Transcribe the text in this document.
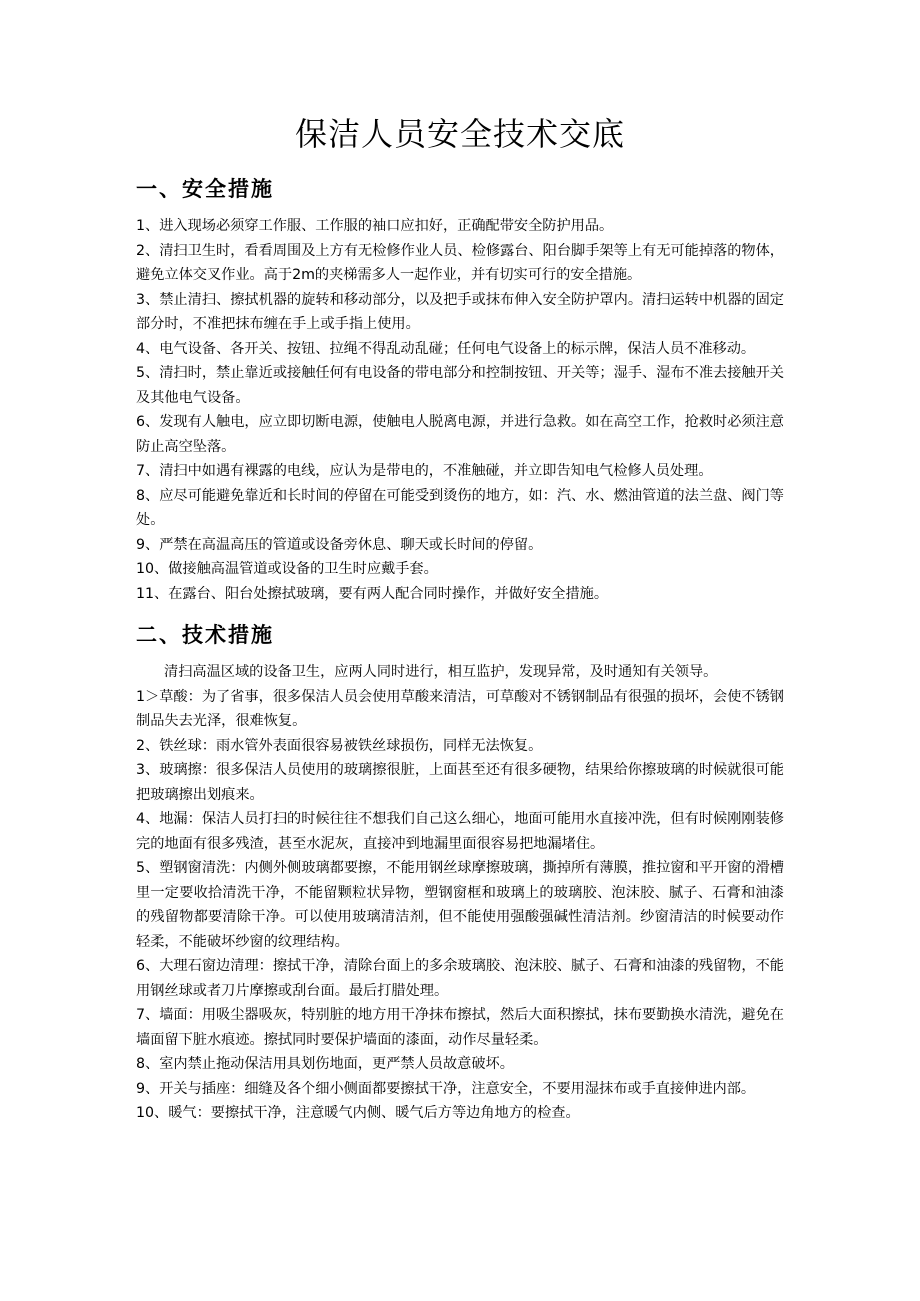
保洁人员安全技术交底
一、安全措施

1、进入现场必须穿工作服、工作服的袖口应扣好，正确配带安全防护用品。

2、清扫卫生时，看看周围及上方有无检修作业人员、检修露台、阳台脚手架等上有无可能掉落的物体，避免立体交叉作业。高于2m的夹梯需多人一起作业，并有切实可行的安全措施。

3、禁止清扫、擦拭机器的旋转和移动部分，以及把手或抹布伸入安全防护罩内。清扫运转中机器的固定部分时，不准把抹布缠在手上或手指上使用。

4、电气设备、各开关、按钮、拉绳不得乱动乱碰；任何电气设备上的标示牌，保洁人员不准移动。

5、清扫时，禁止靠近或接触任何有电设备的带电部分和控制按钮、开关等；湿手、湿布不准去接触开关及其他电气设备。

6、发现有人触电，应立即切断电源，使触电人脱离电源，并进行急救。如在高空工作，抢救时必须注意防止高空坠落。

7、清扫中如遇有裸露的电线，应认为是带电的，不准触碰，并立即告知电气检修人员处理。

8、应尽可能避免靠近和长时间的停留在可能受到烫伤的地方，如：汽、水、燃油管道的法兰盘、阀门等处。

9、严禁在高温高压的管道或设备旁休息、聊天或长时间的停留。

10、做接触高温管道或设备的卫生时应戴手套。

11、在露台、阳台处擦拭玻璃，要有两人配合同时操作，并做好安全措施。

二、技术措施

清扫高温区域的设备卫生，应两人同时进行，相互监护，发现异常，及时通知有关领导。

1＞草酸：为了省事，很多保洁人员会使用草酸来清洁，可草酸对不锈钢制品有很强的损坏，会使不锈钢制品失去光泽，很难恢复。

2、铁丝球：雨水管外表面很容易被铁丝球损伤，同样无法恢复。

3、玻璃擦：很多保洁人员使用的玻璃擦很脏，上面甚至还有很多硬物，结果给你擦玻璃的时候就很可能把玻璃擦出划痕来。

4、地漏：保洁人员打扫的时候往往不想我们自己这么细心，地面可能用水直接冲洗，但有时候刚刚装修完的地面有很多残渣，甚至水泥灰，直接冲到地漏里面很容易把地漏堵住。

5、塑钢窗清洗：内侧外侧玻璃都要擦，不能用钢丝球摩擦玻璃，撕掉所有薄膜，推拉窗和平开窗的滑槽里一定要收拾清洗干净，不能留颗粒状异物，塑钢窗框和玻璃上的玻璃胶、泡沫胶、腻子、石膏和油漆的残留物都要清除干净。可以使用玻璃清洁剂，但不能使用强酸强碱性清洁剂。纱窗清洁的时候要动作轻柔，不能破坏纱窗的纹理结构。

6、大理石窗边清理：擦拭干净，清除台面上的多余玻璃胶、泡沫胶、腻子、石膏和油漆的残留物，不能用钢丝球或者刀片摩擦或刮台面。最后打腊处理。

7、墙面：用吸尘器吸灰，特别脏的地方用干净抹布擦拭，然后大面积擦拭，抹布要勤换水清洗，避免在墙面留下脏水痕迹。擦拭同时要保护墙面的漆面，动作尽量轻柔。

8、室内禁止拖动保洁用具划伤地面，更严禁人员故意破坏。

9、开关与插座：细缝及各个细小侧面都要擦拭干净，注意安全，不要用湿抹布或手直接伸进内部。

10、暖气：要擦拭干净，注意暖气内侧、暖气后方等边角地方的检查。
